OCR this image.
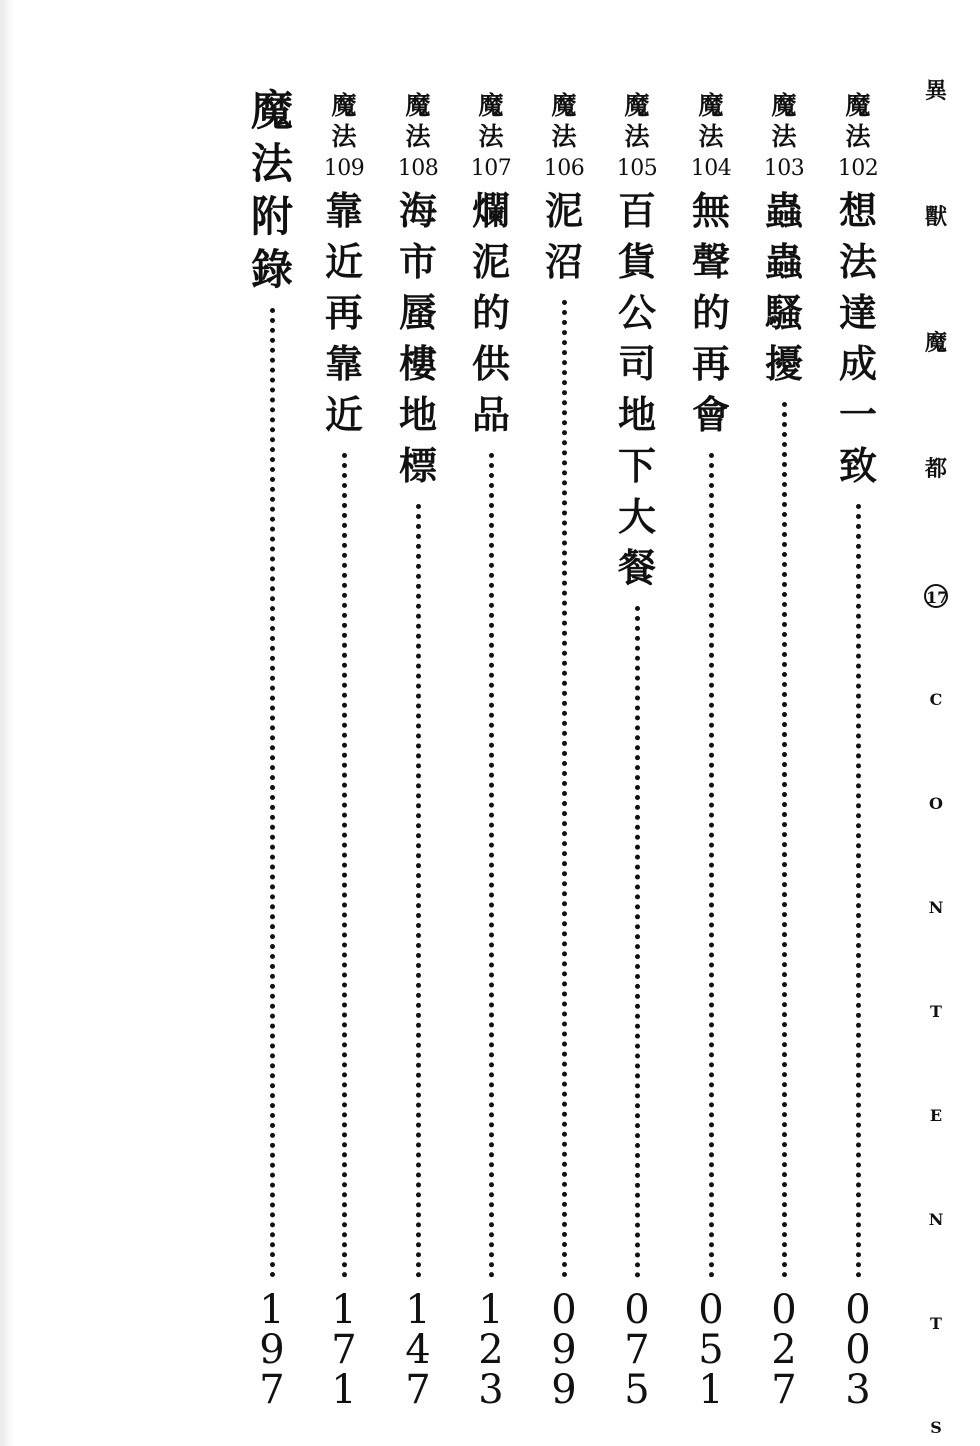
異
獸
魔
都
17
C
O
N
T
E
N
T
S
魔
法
102
想
法
達
成
一
致
0
0
3
魔
法
103
蟲
蟲
騷
擾
0
2
7
魔
法
104
無
聲
的
再
會
0
5
1
魔
法
105
百
貨
公
司
地
下
大
餐
0
7
5
魔
法
106
泥
沼
0
9
9
魔
法
107
爛
泥
的
供
品
1
2
3
魔
法
108
海
市
蜃
樓
地
標
1
4
7
魔
法
109
靠
近
再
靠
近
1
7
1
魔
法
附
錄
1
9
7
